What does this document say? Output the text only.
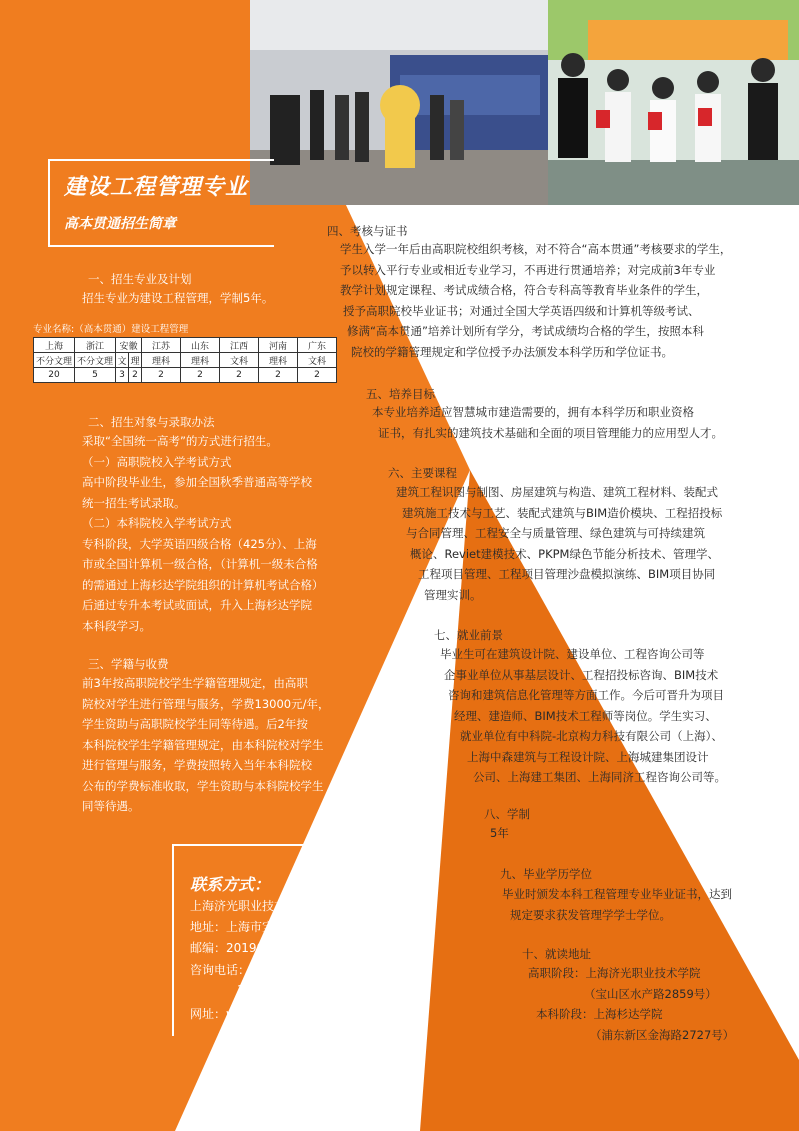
建设工程管理专业
高本贯通招生简章
一、招生专业及计划
招生专业为建设工程管理，学制5年。
专业名称:（高本贯通）建设工程管理
上海	浙江	安徽		江苏	山东	江西	河南	广东
不分文理	不分文理	文	理	理科	理科	文科	理科	文科
20	5	3	2	2	2	2	2	2
二、招生对象与录取办法
采取“全国统一高考”的方式进行招生。
（一）高职院校入学考试方式
高中阶段毕业生，参加全国秋季普通高等学校
统一招生考试录取。
（二）本科院校入学考试方式
专科阶段，大学英语四级合格（425分）、上海
市或全国计算机一级合格，（计算机一级未合格
的需通过上海杉达学院组织的计算机考试合格）
后通过专升本考试或面试，升入上海杉达学院
本科段学习。
三、学籍与收费
前3年按高职院校学生学籍管理规定，由高职
院校对学生进行管理与服务，学费13000元/年，
学生资助与高职院校学生同等待遇。后2年按
本科院校学生学籍管理规定，由本科院校对学生
进行管理与服务，学费按照转入当年本科院校
公布的学费标准收取，学生资助与本科院校学生
同等待遇。
联系方式：
上海济光职业技术学院招生办公室
地址：上海市宝山区水产路2859号
邮编：201901
咨询电话：021-66761012、
18801931998
网址：www.shjgu.edu.cn
四、考核与证书
学生入学一年后由高职院校组织考核，对不符合“高本贯通”考核要求的学生，
予以转入平行专业或相近专业学习，不再进行贯通培养；对完成前3年专业
教学计划规定课程、考试成绩合格，符合专科高等教育毕业条件的学生，
授予高职院校毕业证书；对通过全国大学英语四级和计算机等级考试、
修满“高本贯通”培养计划所有学分，考试成绩均合格的学生，按照本科
院校的学籍管理规定和学位授予办法颁发本科学历和学位证书。
五、培养目标
本专业培养适应智慧城市建造需要的，拥有本科学历和职业资格
证书，有扎实的建筑技术基础和全面的项目管理能力的应用型人才。
六、主要课程
建筑工程识图与制图、房屋建筑与构造、建筑工程材料、装配式
建筑施工技术与工艺、装配式建筑与BIM造价模块、工程招投标
与合同管理、工程安全与质量管理、绿色建筑与可持续建筑
概论、Reviet建模技术、PKPM绿色节能分析技术、管理学、
工程项目管理、工程项目管理沙盘模拟演练、BIM项目协同
管理实训。
七、就业前景
毕业生可在建筑设计院、建设单位、工程咨询公司等
企事业单位从事基层设计、工程招投标咨询、BIM技术
咨询和建筑信息化管理等方面工作。今后可晋升为项目
经理、建造师、BIM技术工程师等岗位。学生实习、
就业单位有中科院-北京构力科技有限公司（上海）、
上海中森建筑与工程设计院、上海城建集团设计
公司、上海建工集团、上海同济工程咨询公司等。
八、学制
5年
九、毕业学历学位
毕业时颁发本科工程管理专业毕业证书，达到
规定要求获发管理学学士学位。
十、就读地址
高职阶段：上海济光职业技术学院
（宝山区水产路2859号）
本科阶段：上海杉达学院
（浦东新区金海路2727号）
